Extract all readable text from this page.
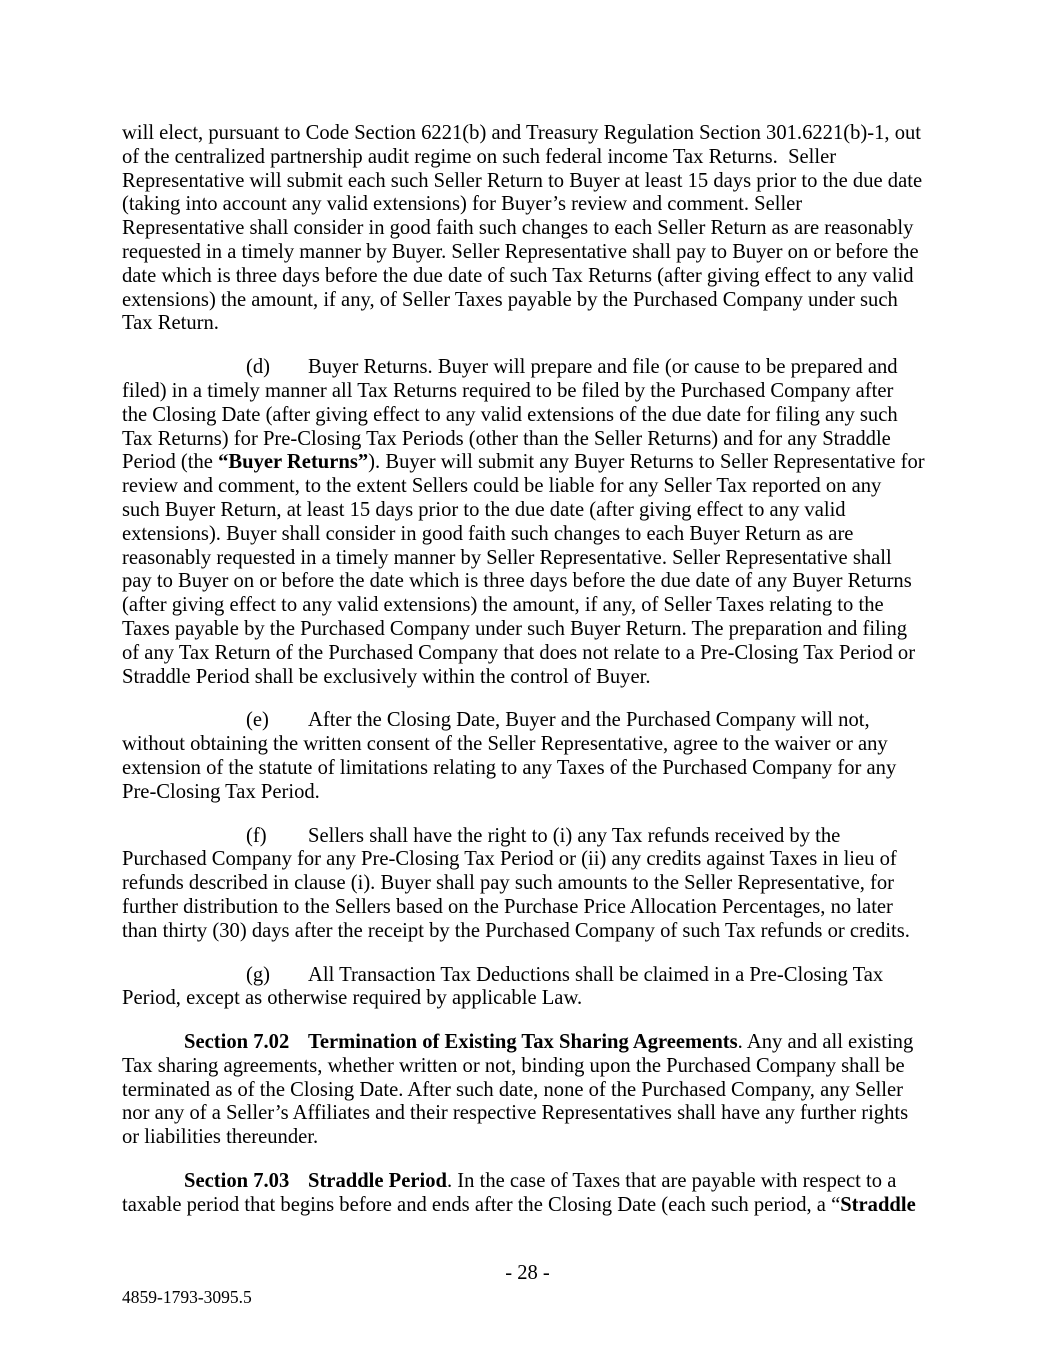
will elect, pursuant to Code Section 6221(b) and Treasury Regulation Section 301.6221(b)-1, out
of the centralized partnership audit regime on such federal income Tax Returns.  Seller
Representative will submit each such Seller Return to Buyer at least 15 days prior to the due date
(taking into account any valid extensions) for Buyer’s review and comment. Seller
Representative shall consider in good faith such changes to each Seller Return as are reasonably
requested in a timely manner by Buyer. Seller Representative shall pay to Buyer on or before the
date which is three days before the due date of such Tax Returns (after giving effect to any valid
extensions) the amount, if any, of Seller Taxes payable by the Purchased Company under such
Tax Return.
		(d)	Buyer Returns. Buyer will prepare and file (or cause to be prepared and
filed) in a timely manner all Tax Returns required to be filed by the Purchased Company after
the Closing Date (after giving effect to any valid extensions of the due date for filing any such
Tax Returns) for Pre-Closing Tax Periods (other than the Seller Returns) and for any Straddle
Period (the “Buyer Returns”). Buyer will submit any Buyer Returns to Seller Representative for
review and comment, to the extent Sellers could be liable for any Seller Tax reported on any
such Buyer Return, at least 15 days prior to the due date (after giving effect to any valid
extensions). Buyer shall consider in good faith such changes to each Buyer Return as are
reasonably requested in a timely manner by Seller Representative. Seller Representative shall
pay to Buyer on or before the date which is three days before the due date of any Buyer Returns
(after giving effect to any valid extensions) the amount, if any, of Seller Taxes relating to the
Taxes payable by the Purchased Company under such Buyer Return. The preparation and filing
of any Tax Return of the Purchased Company that does not relate to a Pre-Closing Tax Period or
Straddle Period shall be exclusively within the control of Buyer.
		(e)	After the Closing Date, Buyer and the Purchased Company will not,
without obtaining the written consent of the Seller Representative, agree to the waiver or any
extension of the statute of limitations relating to any Taxes of the Purchased Company for any
Pre-Closing Tax Period.
		(f)	Sellers shall have the right to (i) any Tax refunds received by the
Purchased Company for any Pre-Closing Tax Period or (ii) any credits against Taxes in lieu of
refunds described in clause (i). Buyer shall pay such amounts to the Seller Representative, for
further distribution to the Sellers based on the Purchase Price Allocation Percentages, no later
than thirty (30) days after the receipt by the Purchased Company of such Tax refunds or credits.
		(g)	All Transaction Tax Deductions shall be claimed in a Pre-Closing Tax
Period, except as otherwise required by applicable Law.
	Section 7.02	Termination of Existing Tax Sharing Agreements. Any and all existing
Tax sharing agreements, whether written or not, binding upon the Purchased Company shall be
terminated as of the Closing Date. After such date, none of the Purchased Company, any Seller
nor any of a Seller’s Affiliates and their respective Representatives shall have any further rights
or liabilities thereunder.
	Section 7.03	Straddle Period. In the case of Taxes that are payable with respect to a
taxable period that begins before and ends after the Closing Date (each such period, a “Straddle
- 28 -
4859-1793-3095.5
